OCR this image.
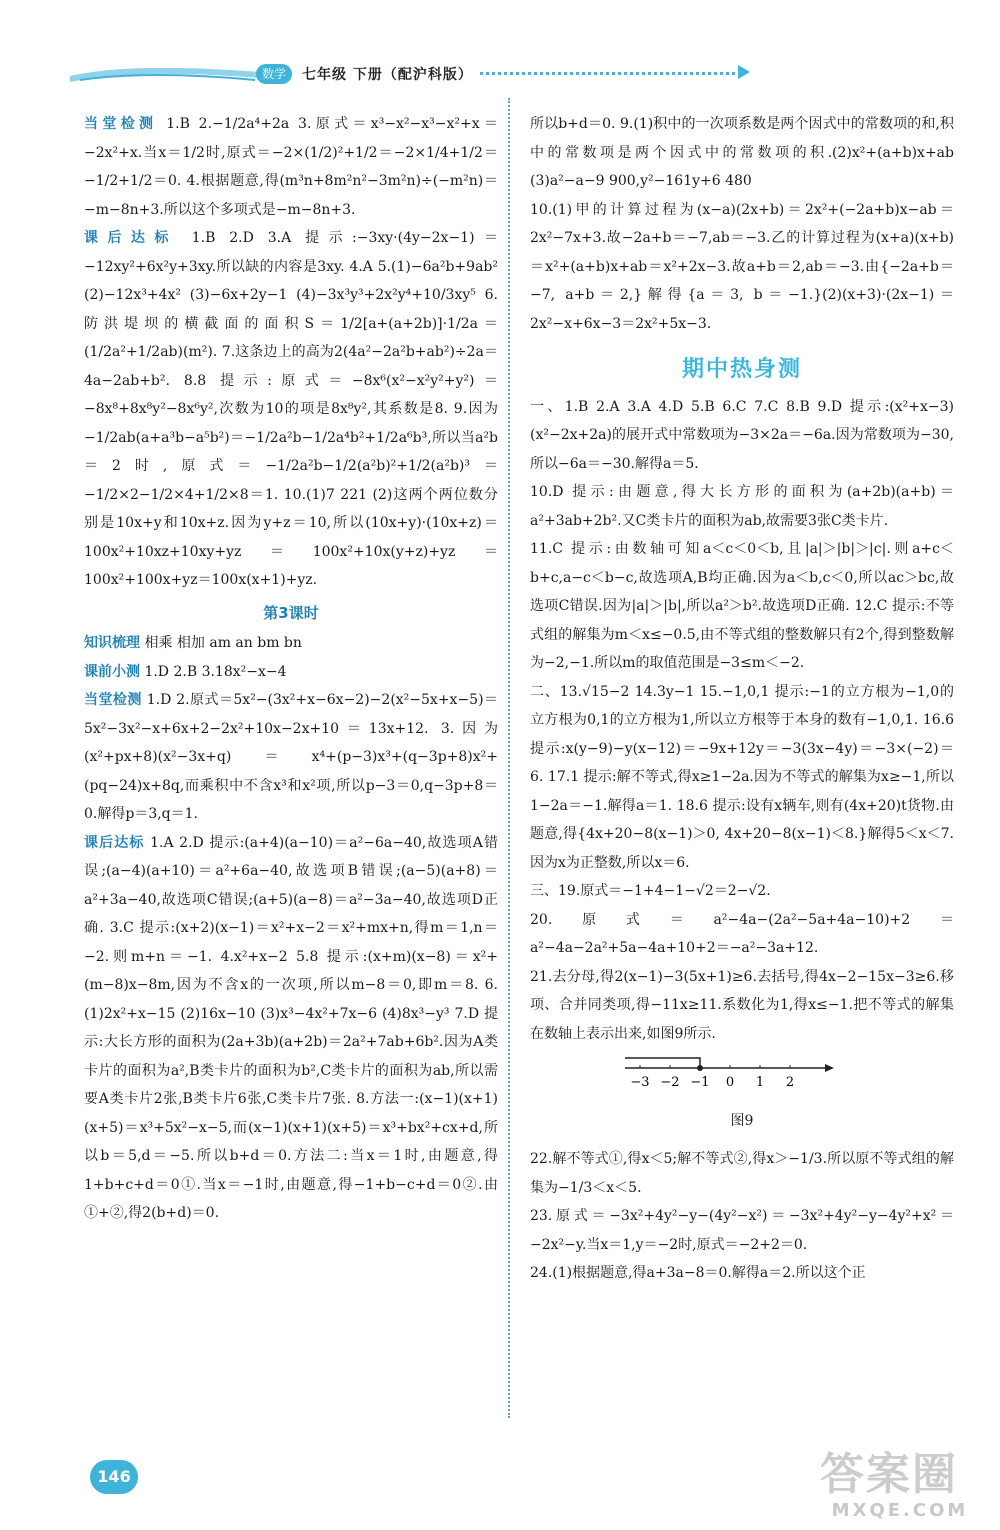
数学	七年级 下册（配沪科版）

当堂检测 1.B 2.−1/2a⁴+2a 3.原式＝x³−x²−x³−x²+x＝−2x²+x.当x＝1/2时,原式＝−2×(1/2)²+1/2＝−2×1/4+1/2＝−1/2+1/2＝0. 4.根据题意,得(m³n+8m²n²−3m²n)÷(−m²n)＝−m−8n+3.所以这个多项式是−m−8n+3.

课后达标 1.B 2.D 3.A 提示:−3xy·(4y−2x−1)＝−12xy²+6x²y+3xy.所以缺的内容是3xy. 4.A 5.(1)−6a²b+9ab² (2)−12x³+4x² (3)−6x+2y−1 (4)−3x³y³+2x²y⁴+10/3xy⁵ 6.防洪堤坝的横截面的面积S＝1/2[a+(a+2b)]·1/2a＝(1/2a²+1/2ab)(m²). 7.这条边上的高为2(4a²−2a²b+ab²)÷2a＝4a−2ab+b². 8.8 提示:原式＝−8x⁶(x²−x²y²+y²)＝−8x⁸+8x⁸y²−8x⁶y²,次数为10的项是8x⁸y²,其系数是8. 9.因为−1/2ab(a+a³b−a⁵b²)＝−1/2a²b−1/2a⁴b²+1/2a⁶b³,所以当a²b＝2时,原式＝−1/2a²b−1/2(a²b)²+1/2(a²b)³＝−1/2×2−1/2×4+1/2×8＝1. 10.(1)7 221 (2)这两个两位数分别是10x+y和10x+z.因为y+z＝10,所以(10x+y)·(10x+z)＝100x²+10xz+10xy+yz＝100x²+10x(y+z)+yz＝100x²+100x+yz＝100x(x+1)+yz.

第3课时

知识梳理 相乘 相加 am an bm bn

课前小测 1.D 2.B 3.18x²−x−4

当堂检测 1.D 2.原式＝5x²−(3x²+x−6x−2)−2(x²−5x+x−5)＝5x²−3x²−x+6x+2−2x²+10x−2x+10＝13x+12. 3.因为(x²+px+8)(x²−3x+q)＝x⁴+(p−3)x³+(q−3p+8)x²+(pq−24)x+8q,而乘积中不含x³和x²项,所以p−3＝0,q−3p+8＝0.解得p＝3,q＝1.

课后达标 1.A 2.D 提示:(a+4)(a−10)＝a²−6a−40,故选项A错误;(a−4)(a+10)＝a²+6a−40,故选项B错误;(a−5)(a+8)＝a²+3a−40,故选项C错误;(a+5)(a−8)＝a²−3a−40,故选项D正确. 3.C 提示:(x+2)(x−1)＝x²+x−2＝x²+mx+n,得m＝1,n＝−2.则m+n＝−1. 4.x²+x−2 5.8 提示:(x+m)(x−8)＝x²+(m−8)x−8m,因为不含x的一次项,所以m−8＝0,即m＝8. 6.(1)2x²+x−15 (2)16x−10 (3)x³−4x²+7x−6 (4)8x³−y³ 7.D 提示:大长方形的面积为(2a+3b)(a+2b)＝2a²+7ab+6b².因为A类卡片的面积为a²,B类卡片的面积为b²,C类卡片的面积为ab,所以需要A类卡片2张,B类卡片6张,C类卡片7张. 8.方法一:(x−1)(x+1)(x+5)＝x³+5x²−x−5,而(x−1)(x+1)(x+5)＝x³+bx²+cx+d,所以b＝5,d＝−5.所以b+d＝0.方法二:当x＝1时,由题意,得1+b+c+d＝0①.当x＝−1时,由题意,得−1+b−c+d＝0②.由①+②,得2(b+d)＝0.

所以b+d＝0. 9.(1)积中的一次项系数是两个因式中的常数项的和,积中的常数项是两个因式中的常数项的积.(2)x²+(a+b)x+ab (3)a²−a−9 900,y²−161y+6 480

10.(1)甲的计算过程为(x−a)(2x+b)＝2x²+(−2a+b)x−ab＝2x²−7x+3.故−2a+b＝−7,ab＝−3.乙的计算过程为(x+a)(x+b)＝x²+(a+b)x+ab＝x²+2x−3.故a+b＝2,ab＝−3.由{−2a+b＝−7, a+b＝2,}解得{a＝3, b＝−1.}(2)(x+3)·(2x−1)＝2x²−x+6x−3＝2x²+5x−3.

期中热身测

一、1.B 2.A 3.A 4.D 5.B 6.C 7.C 8.B 9.D 提示:(x²+x−3)(x²−2x+2a)的展开式中常数项为−3×2a＝−6a.因为常数项为−30,所以−6a＝−30.解得a＝5.

10.D 提示:由题意,得大长方形的面积为(a+2b)(a+b)＝a²+3ab+2b².又C类卡片的面积为ab,故需要3张C类卡片.

11.C 提示:由数轴可知a＜c＜0＜b,且|a|＞|b|＞|c|.则a+c＜b+c,a−c＜b−c,故选项A,B均正确.因为a＜b,c＜0,所以ac＞bc,故选项C错误.因为|a|＞|b|,所以a²＞b².故选项D正确. 12.C 提示:不等式组的解集为m＜x≤−0.5,由不等式组的整数解只有2个,得到整数解为−2,−1.所以m的取值范围是−3≤m＜−2.

二、13.√15−2 14.3y−1 15.−1,0,1 提示:−1的立方根为−1,0的立方根为0,1的立方根为1,所以立方根等于本身的数有−1,0,1. 16.6 提示:x(y−9)−y(x−12)＝−9x+12y＝−3(3x−4y)＝−3×(−2)＝6. 17.1 提示:解不等式,得x≥1−2a.因为不等式的解集为x≥−1,所以1−2a＝−1.解得a＝1. 18.6 提示:设有x辆车,则有(4x+20)t货物.由题意,得{4x+20−8(x−1)＞0, 4x+20−8(x−1)＜8.}解得5＜x＜7.因为x为正整数,所以x＝6.

三、19.原式＝−1+4−1−√2＝2−√2.

20.原式＝a²−4a−(2a²−5a+4a−10)+2＝a²−4a−2a²+5a−4a+10+2＝−a²−3a+12.

21.去分母,得2(x−1)−3(5x+1)≥6.去括号,得4x−2−15x−3≥6.移项、合并同类项,得−11x≥11.系数化为1,得x≤−1.把不等式的解集在数轴上表示出来,如图9所示.

−3 −2 −1 0 1 2
图9

22.解不等式①,得x＜5;解不等式②,得x＞−1/3.所以原不等式组的解集为−1/3＜x＜5.

23.原式＝−3x²+4y²−y−(4y²−x²)＝−3x²+4y²−y−4y²+x²＝−2x²−y.当x＝1,y＝−2时,原式＝−2+2＝0.

24.(1)根据题意,得a+3a−8＝0.解得a＝2.所以这个正

146	答案圈
MXQE.COM
